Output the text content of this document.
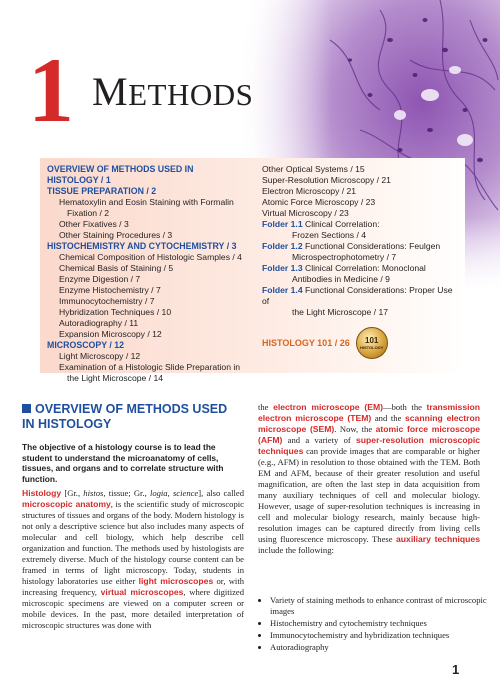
1 METHODS
OVERVIEW OF METHODS USED IN
HISTOLOGY / 1
TISSUE PREPARATION / 2
Hematoxylin and Eosin Staining with Formalin Fixation / 2
Other Fixatives / 3
Other Staining Procedures / 3
HISTOCHEMISTRY AND CYTOCHEMISTRY / 3
Chemical Composition of Histologic Samples / 4
Chemical Basis of Staining / 5
Enzyme Digestion / 7
Enzyme Histochemistry / 7
Immunocytochemistry / 7
Hybridization Techniques / 10
Autoradiography / 11
Expansion Microscopy / 12
MICROSCOPY / 12
Light Microscopy / 12
Examination of a Histologic Slide Preparation in the Light Microscope / 14
Other Optical Systems / 15
Super-Resolution Microscopy / 21
Electron Microscopy / 21
Atomic Force Microscopy / 23
Virtual Microscopy / 23
Folder 1.1 Clinical Correlation:
Frozen Sections / 4
Folder 1.2 Functional Considerations: Feulgen
Microspectrophotometry / 7
Folder 1.3 Clinical Correlation: Monoclonal
Antibodies in Medicine / 9
Folder 1.4 Functional Considerations: Proper Use of
the Light Microscope / 17
HISTOLOGY 101 / 26 101
HISTOLOGY
OVERVIEW OF METHODS USED IN HISTOLOGY
The objective of a histology course is to lead the student to understand the microanatomy of cells, tissues, and organs and to correlate structure with function.
Histology [Gr., histos, tissue; Gr., logia, science], also called microscopic anatomy, is the scientific study of microscopic structures of tissues and organs of the body. Modern histology is not only a descriptive science but also includes many aspects of molecular and cell biology, which help describe cell organization and function. The methods used by histologists are extremely diverse. Much of the histology course content can be framed in terms of light microscopy. Today, students in histology laboratories use either light microscopes or, with increasing frequency, virtual microscopes, where digitized microscopic specimens are viewed on a computer screen or mobile devices. In the past, more detailed interpretation of microscopic structures was done with
the electron microscope (EM)—both the transmission electron microscope (TEM) and the scanning electron microscope (SEM). Now, the atomic force microscope (AFM) and a variety of super-resolution microscopic techniques can provide images that are comparable or higher (e.g., AFM) in resolution to those obtained with the TEM. Both EM and AFM, because of their greater resolution and useful magnification, are often the last step in data acquisition from many auxiliary techniques of cell and molecular biology. However, usage of super-resolution techniques is increasing in cell and molecular biology research, mainly because high-resolution images can be captured directly from living cells using fluorescence microscopy. These auxiliary techniques include the following:
• Variety of staining methods to enhance contrast of microscopic images
• Histochemistry and cytochemistry techniques
• Immunocytochemistry and hybridization techniques
• Autoradiography
1
